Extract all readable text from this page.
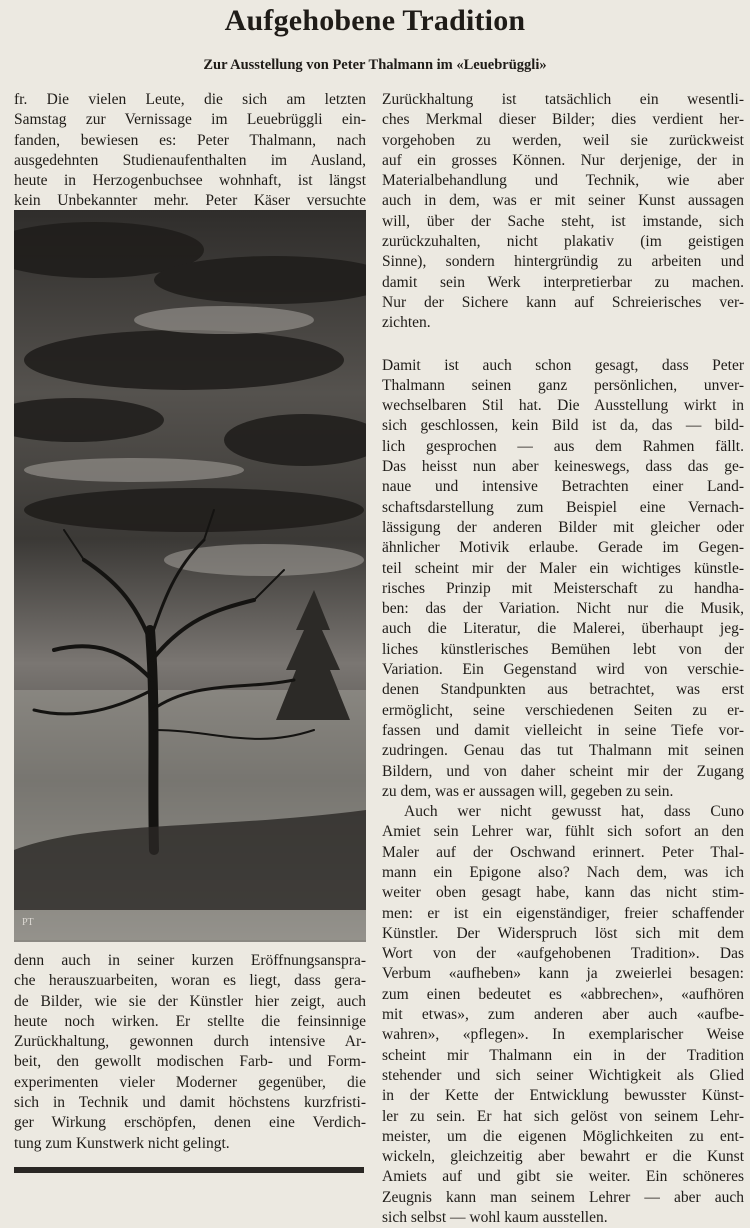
Aufgehobene Tradition
Zur Ausstellung von Peter Thalmann im «Leuebrüggli»

fr. Die vielen Leute, die sich am letzten

Samstag zur Vernissage im Leuebrüggli ein-

fanden, bewiesen es: Peter Thalmann, nach

ausgedehnten Studienaufenthalten im Ausland,

heute in Herzogenbuchsee wohnhaft, ist längst

kein Unbekannter mehr. Peter Käser versuchte

PT

denn auch in seiner kurzen Eröffnungsanspra-

che herauszuarbeiten, woran es liegt, dass gera-

de Bilder, wie sie der Künstler hier zeigt, auch

heute noch wirken. Er stellte die feinsinnige

Zurückhaltung, gewonnen durch intensive Ar-

beit, den gewollt modischen Farb- und Form-

experimenten vieler Moderner gegenüber, die

sich in Technik und damit höchstens kurzfristi-

ger Wirkung erschöpfen, denen eine Verdich-

tung zum Kunstwerk nicht gelingt.

Zurückhaltung ist tatsächlich ein wesentli-

ches Merkmal dieser Bilder; dies verdient her-

vorgehoben zu werden, weil sie zurückweist

auf ein grosses Können. Nur derjenige, der in

Materialbehandlung und Technik, wie aber

auch in dem, was er mit seiner Kunst aussagen

will, über der Sache steht, ist imstande, sich

zurückzuhalten, nicht plakativ (im geistigen

Sinne), sondern hintergründig zu arbeiten und

damit sein Werk interpretierbar zu machen.

Nur der Sichere kann auf Schreierisches ver-

zichten.

Damit ist auch schon gesagt, dass Peter

Thalmann seinen ganz persönlichen, unver-

wechselbaren Stil hat. Die Ausstellung wirkt in

sich geschlossen, kein Bild ist da, das — bild-

lich gesprochen — aus dem Rahmen fällt.

Das heisst nun aber keineswegs, dass das ge-

naue und intensive Betrachten einer Land-

schaftsdarstellung zum Beispiel eine Vernach-

lässigung der anderen Bilder mit gleicher oder

ähnlicher Motivik erlaube. Gerade im Gegen-

teil scheint mir der Maler ein wichtiges künstle-

risches Prinzip mit Meisterschaft zu handha-

ben: das der Variation. Nicht nur die Musik,

auch die Literatur, die Malerei, überhaupt jeg-

liches künstlerisches Bemühen lebt von der

Variation. Ein Gegenstand wird von verschie-

denen Standpunkten aus betrachtet, was erst

ermöglicht, seine verschiedenen Seiten zu er-

fassen und damit vielleicht in seine Tiefe vor-

zudringen. Genau das tut Thalmann mit seinen

Bildern, und von daher scheint mir der Zugang

zu dem, was er aussagen will, gegeben zu sein.

Auch wer nicht gewusst hat, dass Cuno

Amiet sein Lehrer war, fühlt sich sofort an den

Maler auf der Oschwand erinnert. Peter Thal-

mann ein Epigone also? Nach dem, was ich

weiter oben gesagt habe, kann das nicht stim-

men: er ist ein eigenständiger, freier schaffender

Künstler. Der Widerspruch löst sich mit dem

Wort von der «aufgehobenen Tradition». Das

Verbum «aufheben» kann ja zweierlei besagen:

zum einen bedeutet es «abbrechen», «aufhören

mit etwas», zum anderen aber auch «aufbe-

wahren», «pflegen». In exemplarischer Weise

scheint mir Thalmann ein in der Tradition

stehender und sich seiner Wichtigkeit als Glied

in der Kette der Entwicklung bewusster Künst-

ler zu sein. Er hat sich gelöst von seinem Lehr-

meister, um die eigenen Möglichkeiten zu ent-

wickeln, gleichzeitig aber bewahrt er die Kunst

Amiets auf und gibt sie weiter. Ein schöneres

Zeugnis kann man seinem Lehrer — aber auch

sich selbst — wohl kaum ausstellen.
